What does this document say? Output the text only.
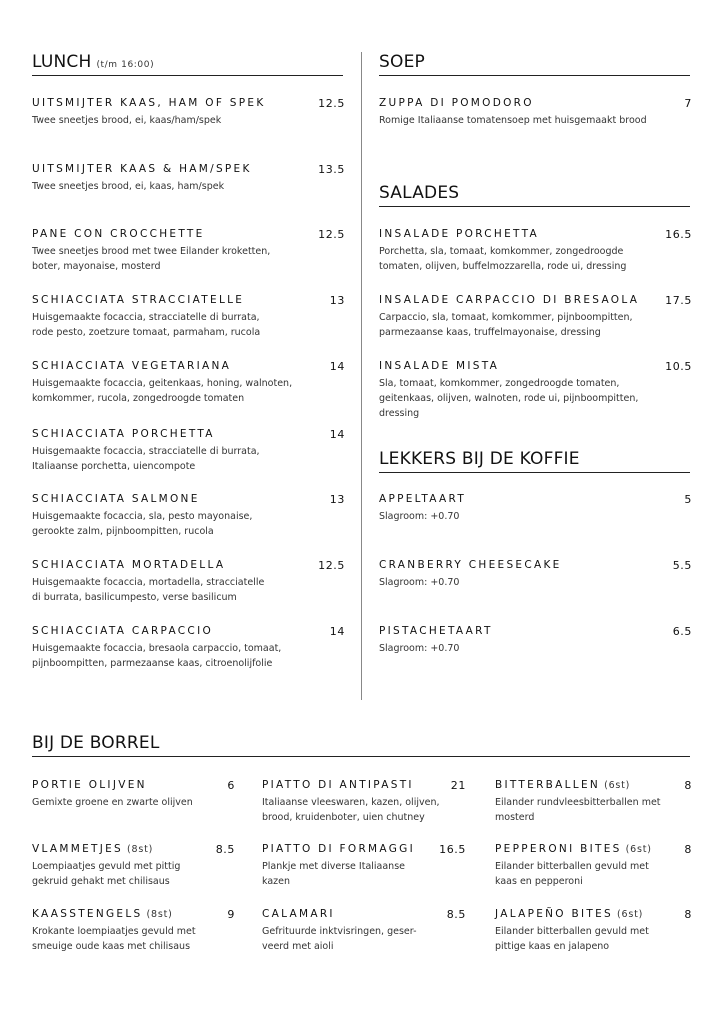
LUNCH (t/m 16:00)
UITSMIJTER KAAS, HAM OF SPEK	12.5
Twee sneetjes brood, ei, kaas/ham/spek
UITSMIJTER KAAS & HAM/SPEK	13.5
Twee sneetjes brood, ei, kaas, ham/spek
PANE CON CROCCHETTE	12.5
Twee sneetjes brood met twee Eilander kroketten,
boter, mayonaise, mosterd
SCHIACCIATA STRACCIATELLE	13
Huisgemaakte focaccia, stracciatelle di burrata,
rode pesto, zoetzure tomaat, parmaham, rucola
SCHIACCIATA VEGETARIANA	14
Huisgemaakte focaccia, geitenkaas, honing, walnoten,
komkommer, rucola, zongedroogde tomaten
SCHIACCIATA PORCHETTA	14
Huisgemaakte focaccia, stracciatelle di burrata,
Italiaanse porchetta, uiencompote
SCHIACCIATA SALMONE	13
Huisgemaakte focaccia, sla, pesto mayonaise,
gerookte zalm, pijnboompitten, rucola
SCHIACCIATA MORTADELLA	12.5
Huisgemaakte focaccia, mortadella, stracciatelle
di burrata, basilicumpesto, verse basilicum
SCHIACCIATA CARPACCIO	14
Huisgemaakte focaccia, bresaola carpaccio, tomaat,
pijnboompitten, parmezaanse kaas, citroenolijfolie
SOEP
ZUPPA DI POMODORO	7
Romige Italiaanse tomatensoep met huisgemaakt brood
SALADES
INSALADE PORCHETTA	16.5
Porchetta, sla, tomaat, komkommer, zongedroogde
tomaten, olijven, buffelmozzarella, rode ui, dressing
INSALADE CARPACCIO DI BRESAOLA	17.5
Carpaccio, sla, tomaat, komkommer, pijnboompitten,
parmezaanse kaas, truffelmayonaise, dressing
INSALADE MISTA	10.5
Sla, tomaat, komkommer, zongedroogde tomaten,
geitenkaas, olijven, walnoten, rode ui, pijnboompitten,
dressing
LEKKERS BIJ DE KOFFIE
APPELTAART	5
Slagroom: +0.70
CRANBERRY CHEESECAKE	5.5
Slagroom: +0.70
PISTACHETAART	6.5
Slagroom: +0.70
BIJ DE BORREL
PORTIE OLIJVEN	6
Gemixte groene en zwarte olijven
VLAMMETJES (8st)	8.5
Loempiaatjes gevuld met pittig
gekruid gehakt met chilisaus
KAASSTENGELS (8st)	9
Krokante loempiaatjes gevuld met
smeuige oude kaas met chilisaus
PIATTO DI ANTIPASTI	21
Italiaanse vleeswaren, kazen, olijven,
brood, kruidenboter, uien chutney
PIATTO DI FORMAGGI	16.5
Plankje met diverse Italiaanse
kazen
CALAMARI	8.5
Gefrituurde inktvisringen, geser-
veerd met aioli
BITTERBALLEN (6st)	8
Eilander rundvleesbitterballen met
mosterd
PEPPERONI BITES (6st)	8
Eilander bitterballen gevuld met
kaas en pepperoni
JALAPEÑO BITES (6st)	8
Eilander bitterballen gevuld met
pittige kaas en jalapeno
